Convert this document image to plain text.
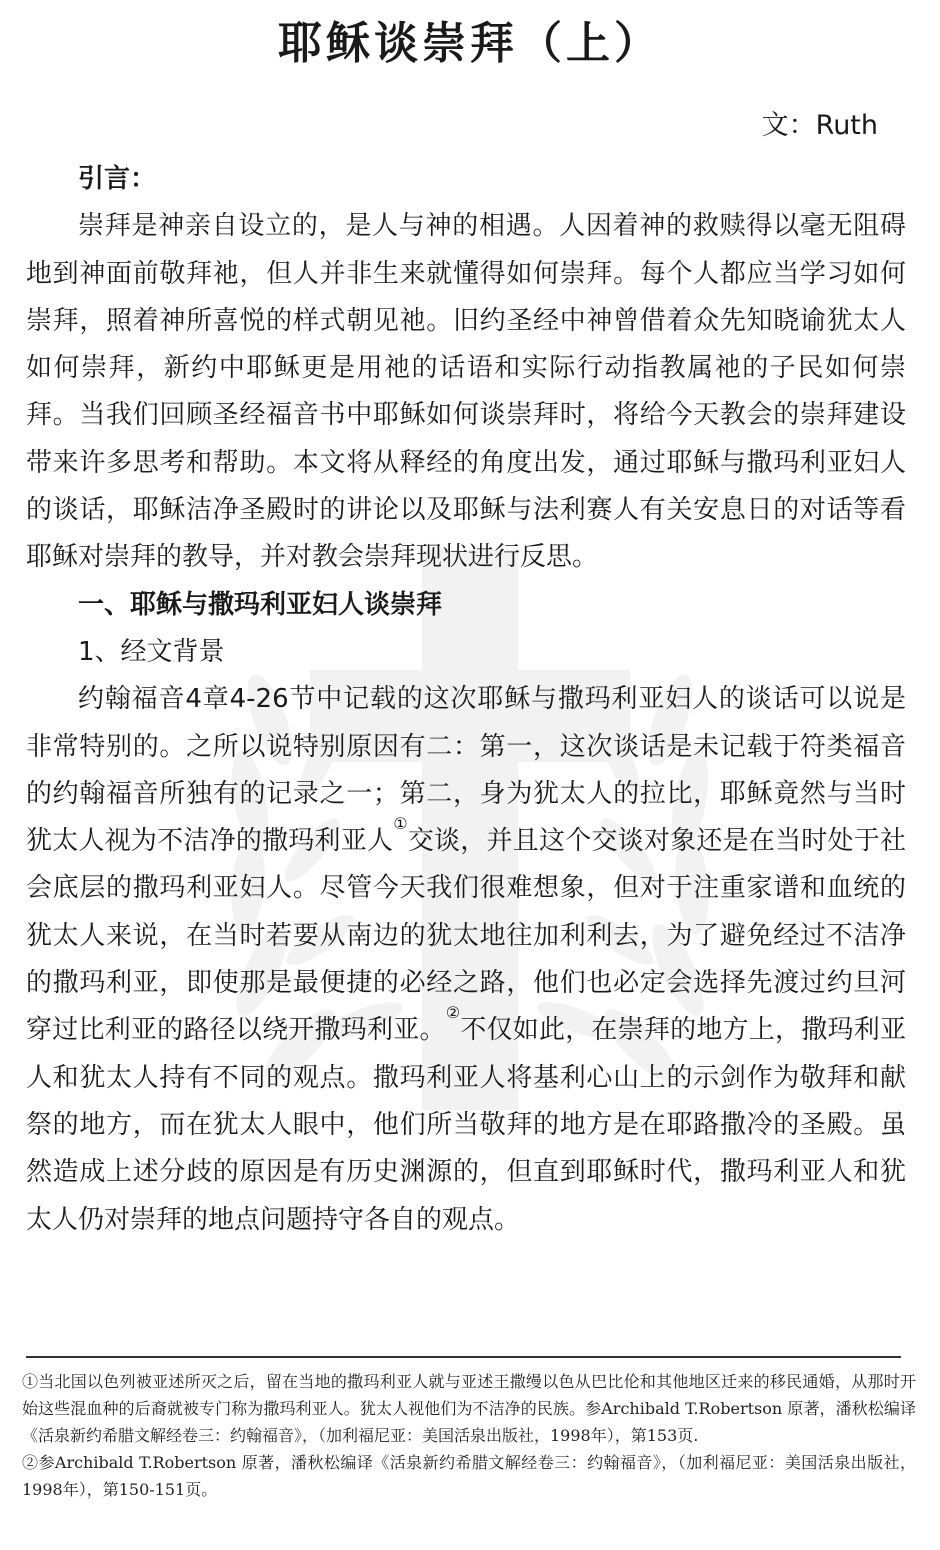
耶稣谈崇拜（上）
文：Ruth

引言：

崇拜是神亲自设立的，是人与神的相遇。人因着神的救赎得以毫无阻碍地到神面前敬拜祂，但人并非生来就懂得如何崇拜。每个人都应当学习如何崇拜，照着神所喜悦的样式朝见祂。旧约圣经中神曾借着众先知晓谕犹太人如何崇拜，新约中耶稣更是用祂的话语和实际行动指教属祂的子民如何崇拜。当我们回顾圣经福音书中耶稣如何谈崇拜时，将给今天教会的崇拜建设带来许多思考和帮助。本文将从释经的角度出发，通过耶稣与撒玛利亚妇人的谈话，耶稣洁净圣殿时的讲论以及耶稣与法利赛人有关安息日的对话等看耶稣对崇拜的教导，并对教会崇拜现状进行反思。

一、耶稣与撒玛利亚妇人谈崇拜

1、经文背景

约翰福音4章4-26节中记载的这次耶稣与撒玛利亚妇人的谈话可以说是非常特别的。之所以说特别原因有二：第一，这次谈话是未记载于符类福音的约翰福音所独有的记录之一；第二，身为犹太人的拉比，耶稣竟然与当时犹太人视为不洁净的撒玛利亚人①交谈，并且这个交谈对象还是在当时处于社会底层的撒玛利亚妇人。尽管今天我们很难想象，但对于注重家谱和血统的犹太人来说，在当时若要从南边的犹太地往加利利去，为了避免经过不洁净的撒玛利亚，即使那是最便捷的必经之路，他们也必定会选择先渡过约旦河穿过比利亚的路径以绕开撒玛利亚。②不仅如此，在崇拜的地方上，撒玛利亚人和犹太人持有不同的观点。撒玛利亚人将基利心山上的示剑作为敬拜和献祭的地方，而在犹太人眼中，他们所当敬拜的地方是在耶路撒冷的圣殿。虽然造成上述分歧的原因是有历史渊源的，但直到耶稣时代，撒玛利亚人和犹太人仍对崇拜的地点问题持守各自的观点。

①当北国以色列被亚述所灭之后，留在当地的撒玛利亚人就与亚述王撒缦以色从巴比伦和其他地区迁来的移民通婚，从那时开始这些混血种的后裔就被专门称为撒玛利亚人。犹太人视他们为不洁净的民族。参Archibald T.Robertson 原著，潘秋松编译《活泉新约希腊文解经卷三：约翰福音》，（加利福尼亚：美国活泉出版社，1998年），第153页.

②参Archibald T.Robertson 原著，潘秋松编译《活泉新约希腊文解经卷三：约翰福音》，（加利福尼亚：美国活泉出版社，1998年），第150-151页。
